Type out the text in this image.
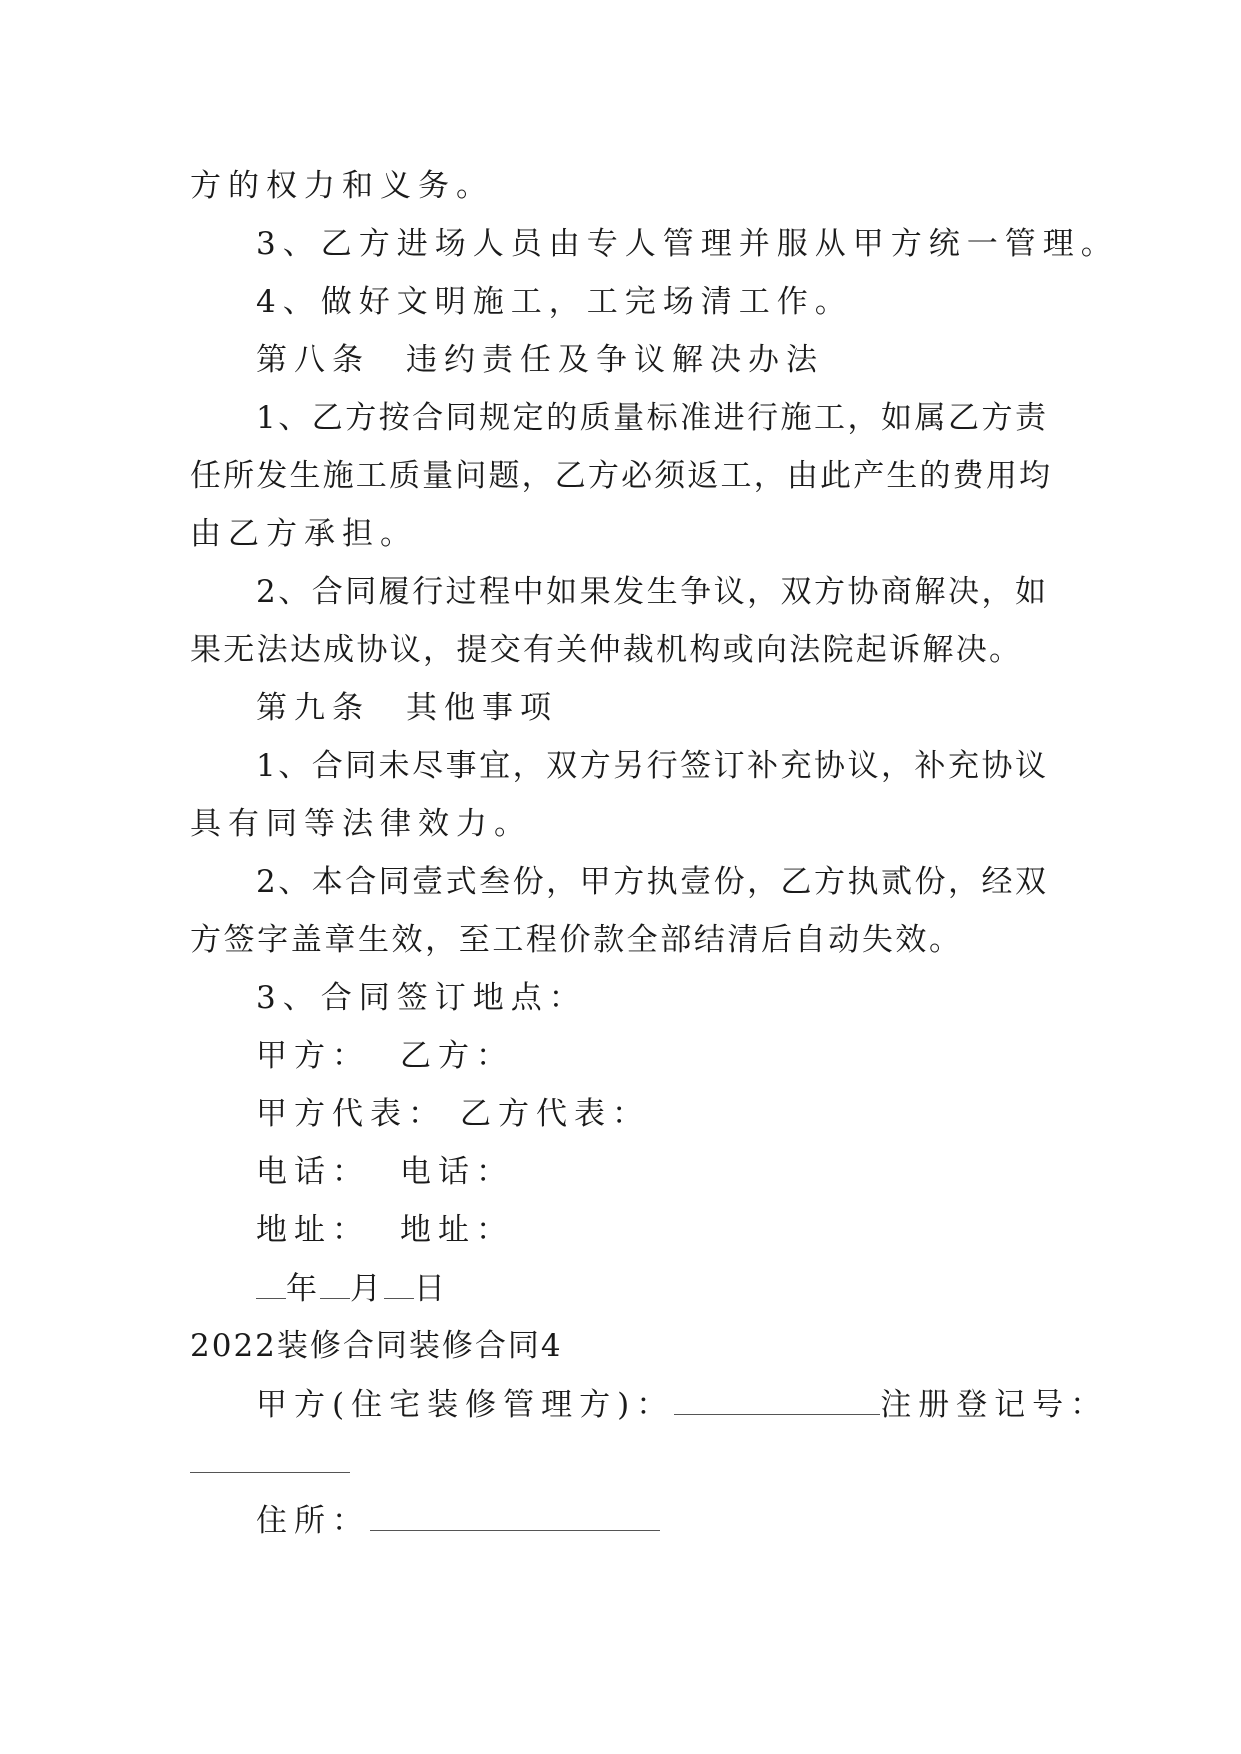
方的权力和义务。
3、乙方进场人员由专人管理并服从甲方统一管理。
4、做好文明施工，工完场清工作。
第八条 违约责任及争议解决办法
1、乙方按合同规定的质量标准进行施工，如属乙方责
任所发生施工质量问题，乙方必须返工，由此产生的费用均
由乙方承担。
2、合同履行过程中如果发生争议，双方协商解决，如
果无法达成协议，提交有关仲裁机构或向法院起诉解决。
第九条 其他事项
1、合同未尽事宜，双方另行签订补充协议，补充协议
具有同等法律效力。
2、本合同壹式叁份，甲方执壹份，乙方执贰份，经双
方签字盖章生效，至工程价款全部结清后自动失效。
3、合同签订地点：
甲方： 乙方：
甲方代表： 乙方代表：
电话： 电话：
地址： 地址：
年 月 日
2022装修合同装修合同4
甲方(住宅装修管理方)：	注册登记号：
住所：
